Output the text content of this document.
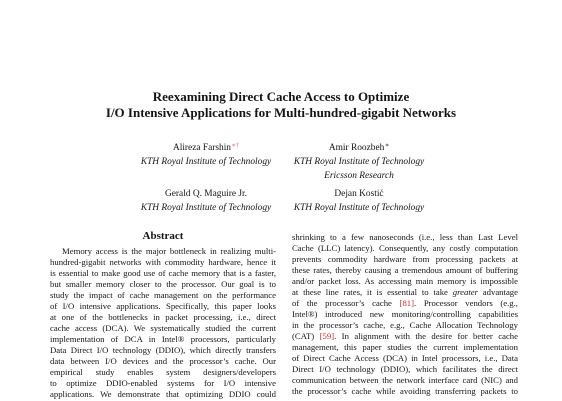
Reexamining Direct Cache Access to Optimize
I/O Intensive Applications for Multi-hundred-gigabit Networks
Alireza Farshin∗†
KTH Royal Institute of Technology
Amir Roozbeh∗
KTH Royal Institute of Technology
Ericsson Research
Gerald Q. Maguire Jr.
KTH Royal Institute of Technology
Dejan Kostić
KTH Royal Institute of Technology
Abstract
Memory access is the major bottleneck in realizing multi-
hundred-gigabit networks with commodity hardware, hence it
is essential to make good use of cache memory that is a faster,
but smaller memory closer to the processor. Our goal is to
study the impact of cache management on the performance
of I/O intensive applications. Specifically, this paper looks
at one of the bottlenecks in packet processing, i.e., direct
cache access (DCA). We systematically studied the current
implementation of DCA in Intel® processors, particularly
Data Direct I/O technology (DDIO), which directly transfers
data between I/O devices and the processor’s cache. Our
empirical study enables system designers/developers
to optimize DDIO-enabled systems for I/O intensive
applications. We demonstrate that optimizing DDIO could
shrinking to a few nanoseconds (i.e., less than Last Level
Cache (LLC) latency). Consequently, any costly computation
prevents commodity hardware from processing packets at
these rates, thereby causing a tremendous amount of buffering
and/or packet loss. As accessing main memory is impossible
at these line rates, it is essential to take greater advantage
of the processor’s cache [81]. Processor vendors (e.g.,
Intel®) introduced new monitoring/controlling capabilities
in the processor’s cache, e.g., Cache Allocation Technology
(CAT) [59]. In alignment with the desire for better cache
management, this paper studies the current implementation
of Direct Cache Access (DCA) in Intel processors, i.e., Data
Direct I/O technology (DDIO), which facilitates the direct
communication between the network interface card (NIC) and
the processor’s cache while avoiding transferring packets to
